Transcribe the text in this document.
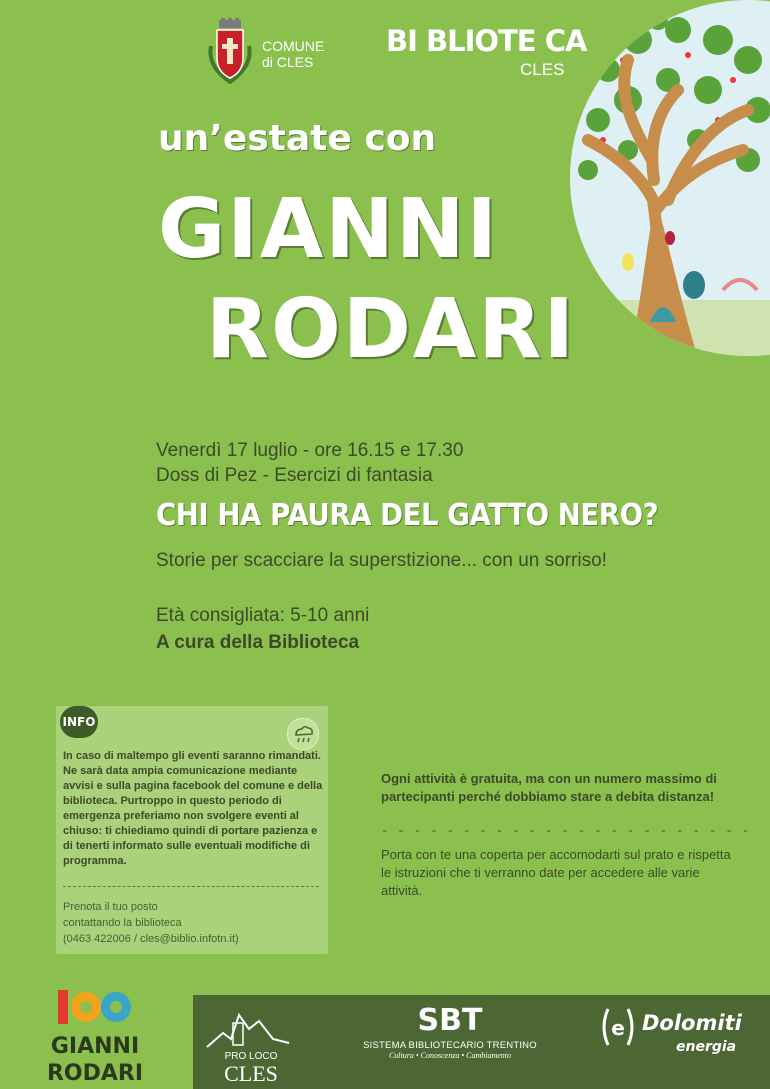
COMUNE
di CLES
BI BLIOTE CA
CLES
un’estate con
GIANNI
RODARI
Venerdì 17 luglio - ore 16.15 e 17.30
Doss di Pez - Esercizi di fantasia
CHI HA PAURA DEL GATTO NERO?
Storie per scacciare la superstizione... con un sorriso!
Età consigliata: 5-10 anni
A cura della Biblioteca
INFO
In caso di maltempo gli eventi saranno rimandati. Ne sarà data ampia comunicazione mediante avvisi e sulla pagina facebook del comune e della biblioteca. Purtroppo in questo periodo di emergenza preferiamo non svolgere eventi al chiuso: ti chiediamo quindi di portare pazienza e di tenerti informato sulle eventuali modifiche di programma.
Prenota il tuo posto
contattando la biblioteca
(0463 422006 / cles@biblio.infotn.it)
Ogni attività è gratuita, ma con un numero massimo di partecipanti perché dobbiamo stare a debita distanza!
- - - - - - - - - - - - - - - - - - - - - - -
Porta con te una coperta per accomodarti sul prato e rispetta le istruzioni che ti verranno date per accedere alle varie attività.
GIANNI
RODARI
PRO LOCO
CLES
SBT
SISTEMA BIBLIOTECARIO TRENTINO
Cultura • Conoscenza • Cambiamento
e Dolomiti
energia
